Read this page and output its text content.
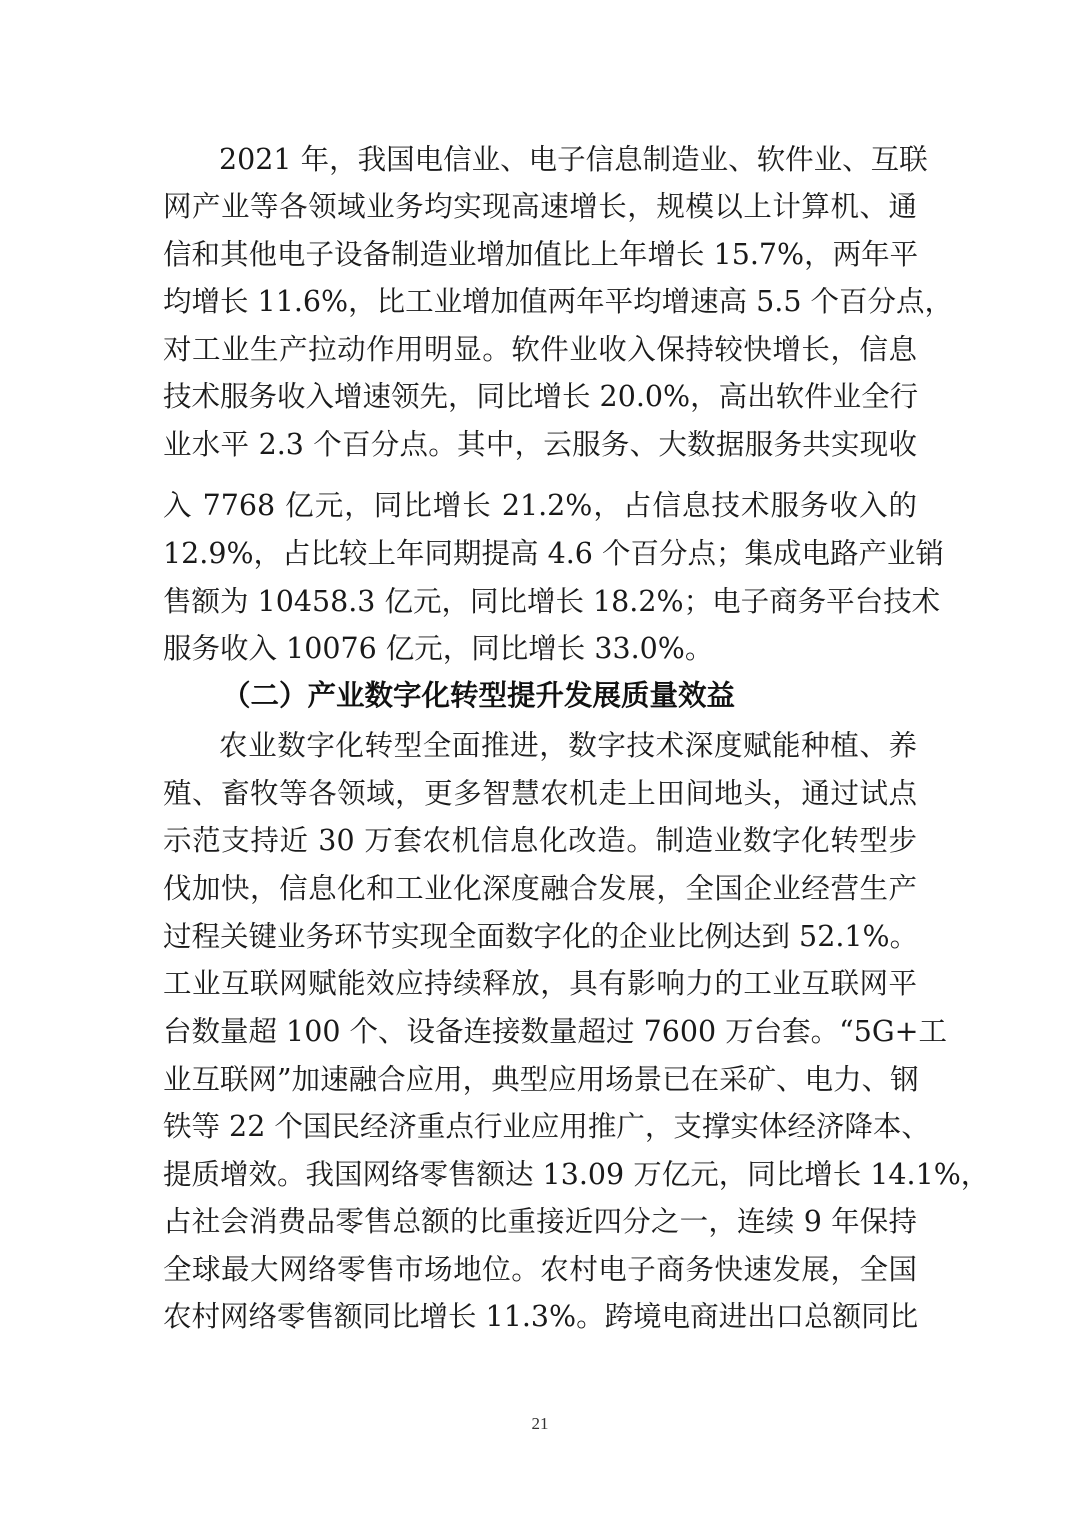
2021 年，我国电信业、电子信息制造业、软件业、互联
网产业等各领域业务均实现高速增长，规模以上计算机、通
信和其他电子设备制造业增加值比上年增长 15.7%，两年平
均增长 11.6%，比工业增加值两年平均增速高 5.5 个百分点，
对工业生产拉动作用明显。软件业收入保持较快增长，信息
技术服务收入增速领先，同比增长 20.0%，高出软件业全行
业水平 2.3 个百分点。其中，云服务、大数据服务共实现收
入 7768 亿元，同比增长 21.2%，占信息技术服务收入的
12.9%，占比较上年同期提高 4.6 个百分点；集成电路产业销
售额为 10458.3 亿元，同比增长 18.2%；电子商务平台技术
服务收入 10076 亿元，同比增长 33.0%。
（二）产业数字化转型提升发展质量效益
农业数字化转型全面推进，数字技术深度赋能种植、养
殖、畜牧等各领域，更多智慧农机走上田间地头，通过试点
示范支持近 30 万套农机信息化改造。制造业数字化转型步
伐加快，信息化和工业化深度融合发展，全国企业经营生产
过程关键业务环节实现全面数字化的企业比例达到 52.1%。
工业互联网赋能效应持续释放，具有影响力的工业互联网平
台数量超 100 个、设备连接数量超过 7600 万台套。“5G+工
业互联网”加速融合应用，典型应用场景已在采矿、电力、钢
铁等 22 个国民经济重点行业应用推广，支撑实体经济降本、
提质增效。我国网络零售额达 13.09 万亿元，同比增长 14.1%，
占社会消费品零售总额的比重接近四分之一，连续 9 年保持
全球最大网络零售市场地位。农村电子商务快速发展，全国
农村网络零售额同比增长 11.3%。跨境电商进出口总额同比
21
